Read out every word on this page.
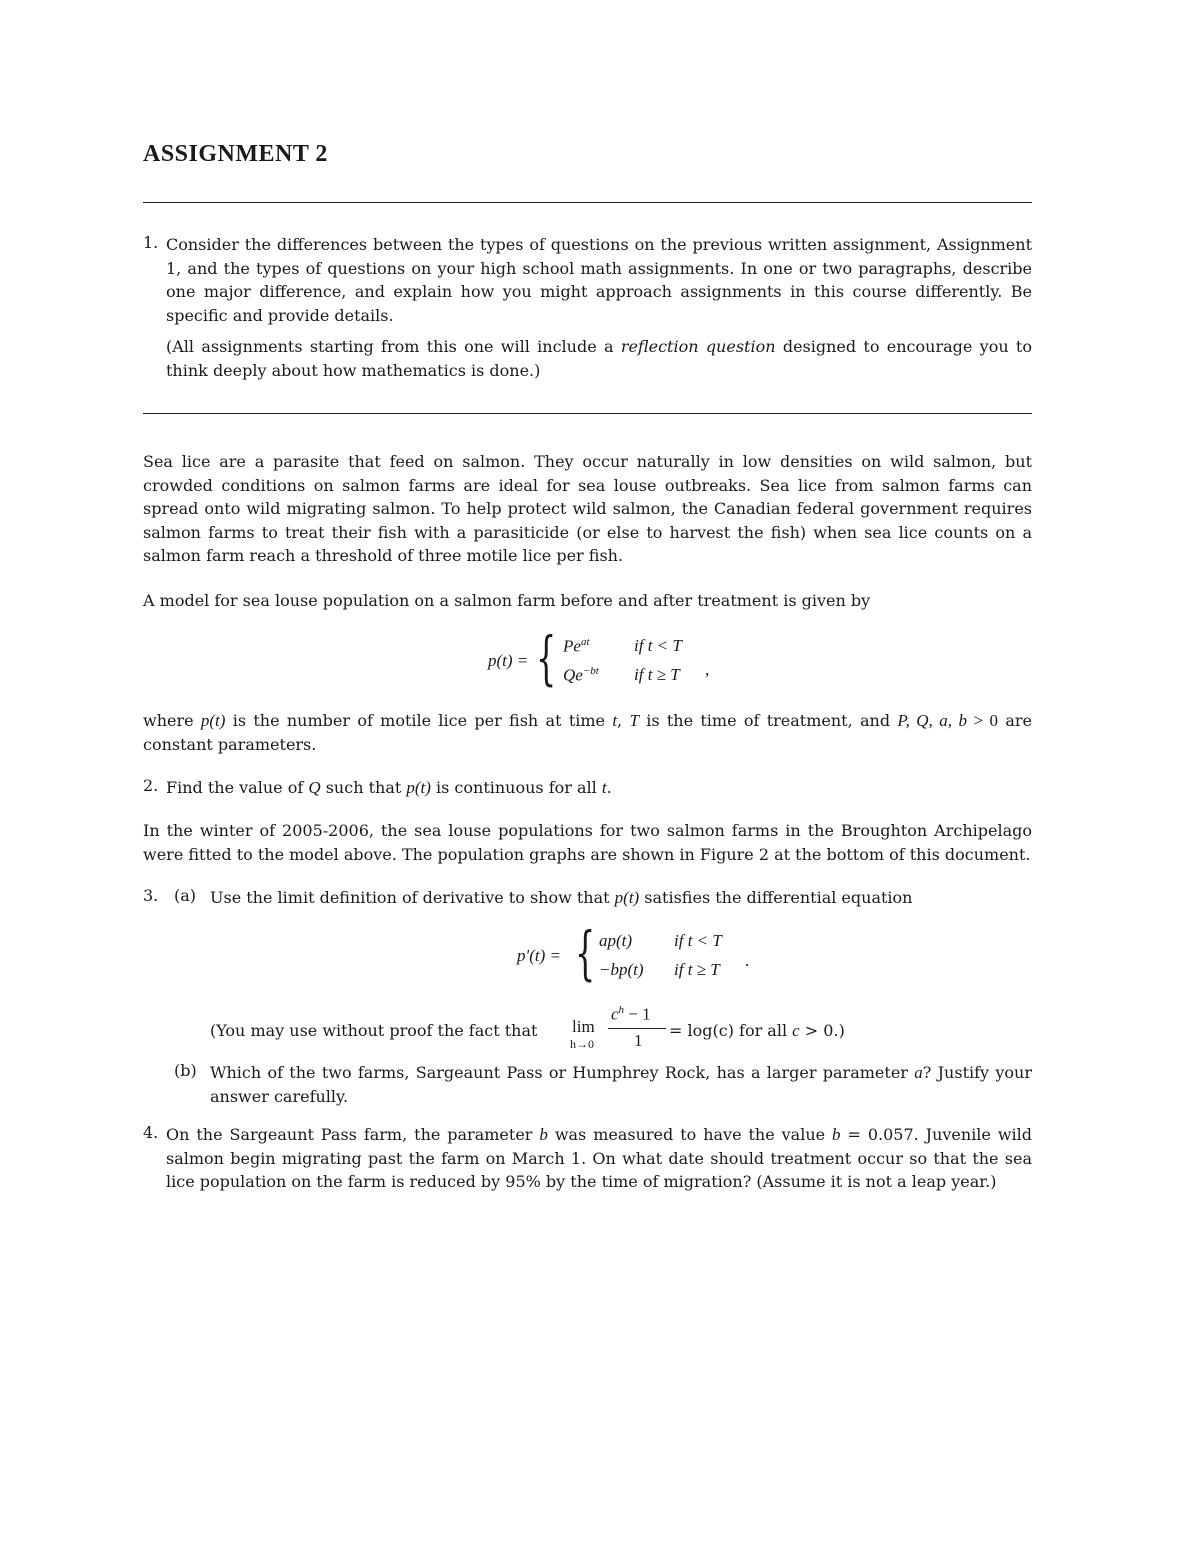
ASSIGNMENT 2
1. Consider the differences between the types of questions on the previous written assignment, Assignment 1, and the types of questions on your high school math assignments. In one or two paragraphs, describe one major difference, and explain how you might approach assignments in this course differently. Be specific and provide details.
(All assignments starting from this one will include a reflection question designed to encourage you to think deeply about how mathematics is done.)
Sea lice are a parasite that feed on salmon. They occur naturally in low densities on wild salmon, but crowded conditions on salmon farms are ideal for sea louse outbreaks. Sea lice from salmon farms can spread onto wild migrating salmon. To help protect wild salmon, the Canadian federal government requires salmon farms to treat their fish with a parasiticide (or else to harvest the fish) when sea lice counts on a salmon farm reach a threshold of three motile lice per fish.
A model for sea louse population on a salmon farm before and after treatment is given by
p(t) = { $Pe^{at}$	if t < T
$Qe^{-bt}$ if t ≥ T ,
where p(t) is the number of motile lice per fish at time t, T is the time of treatment, and P, Q, a, b > 0 are constant parameters.
2. Find the value of Q such that p(t) is continuous for all t.
In the winter of 2005-2006, the sea louse populations for two salmon farms in the Broughton Archipelago were fitted to the model above. The population graphs are shown in Figure 2 at the bottom of this document.
3. (a) Use the limit definition of derivative to show that p(t) satisfies the differential equation
p′(t) = { ap(t) if t < T
−bp(t) if t ≥ T .
(You may use without proof the fact that lim
h→0
$c^h - 1$
1
= log(c) for all c > 0.)
(b) Which of the two farms, Sargeaunt Pass or Humphrey Rock, has a larger parameter a? Justify your answer carefully.
4. On the Sargeaunt Pass farm, the parameter b was measured to have the value b = 0.057. Juvenile wild salmon begin migrating past the farm on March 1. On what date should treatment occur so that the sea lice population on the farm is reduced by 95% by the time of migration? (Assume it is not a leap year.)
